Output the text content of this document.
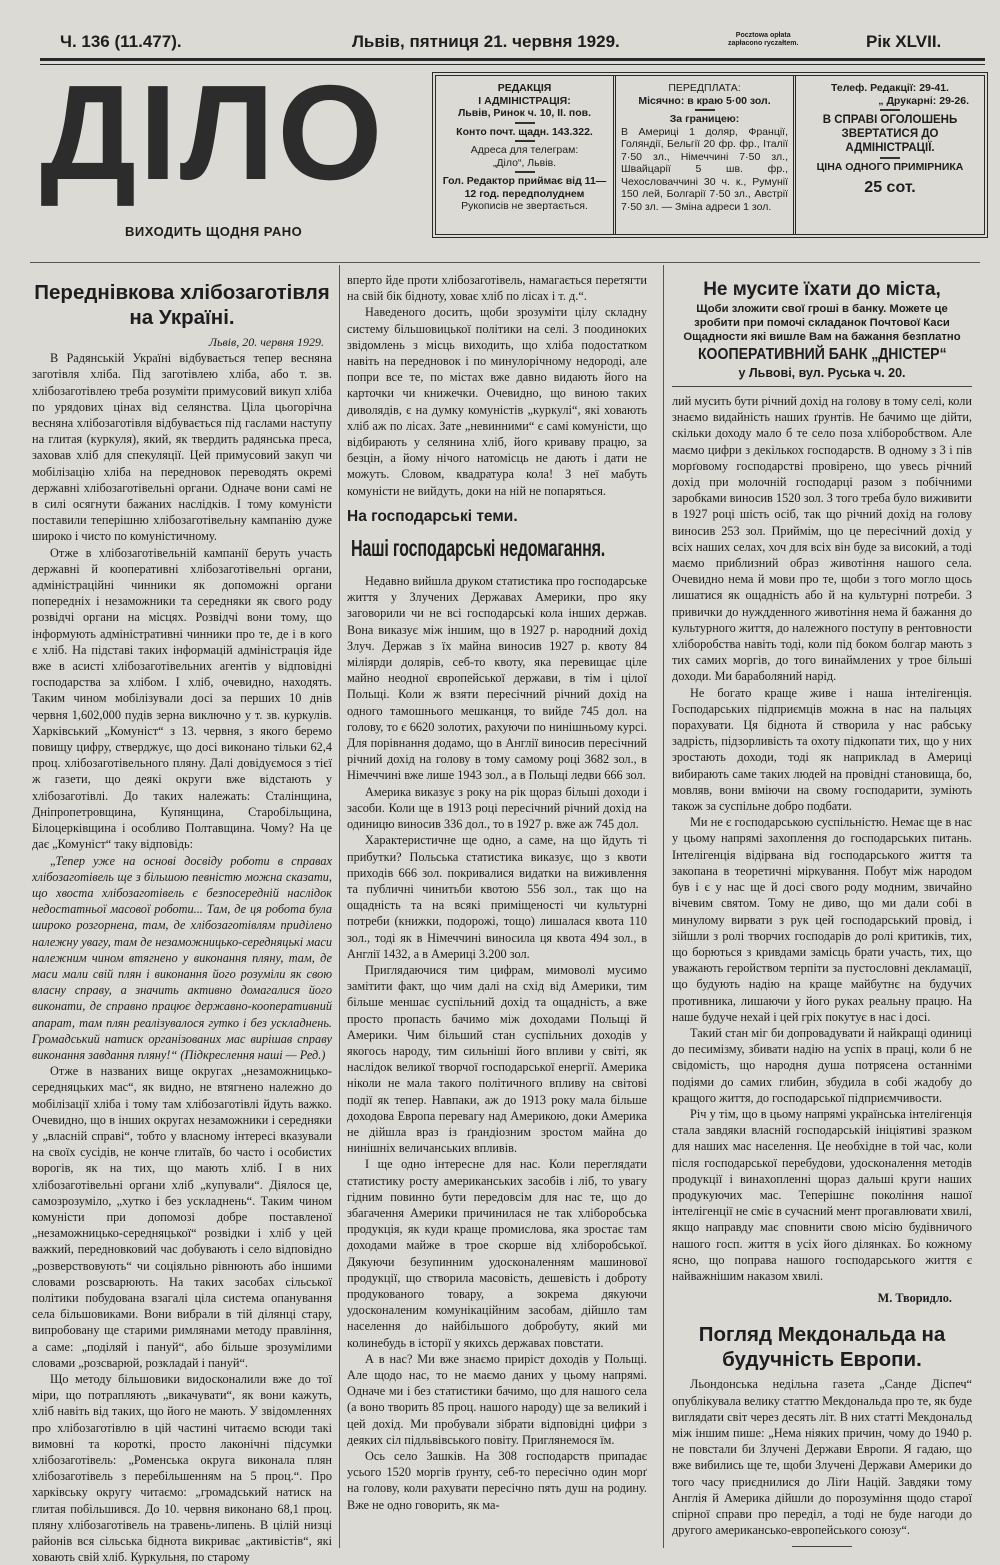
Ч. 136 (11.477).	Львів, пятниця 21. червня 1929.	Pocztowa opłata
zapłacono ryczałtem.	Рік XLVII.
ДІЛО
ВИХОДИТЬ ЩОДНЯ РАНО
РЕДАКЦІЯ
І АДМІНІСТРАЦІЯ:
Львів, Ринок ч. 10, II. пов.
Конто почт. щадн. 143.322.
Адреса для телеграм:
„Діло“, Львів.
Гол. Редактор приймає від 11—12 год. передполуднем
Рукописів не звертається.
ПЕРЕДПЛАТА:
Місячно: в краю 5·00 зол.
За границею:
В Америці 1 доляр, Франції, Голяндії, Бельгії 20 фр. фр., Італії 7·50 зл., Німеччині 7·50 зл., Швайцарії 5 шв. фр., Чехословаччині 30 ч. к., Румунії 150 лей, Болгарії 7·50 зл., Австрії 7·50 зл. — Зміна адреси 1 зол.
Телеф. Редакції: 29-41.
„ Друкарні: 29-26.
В СПРАВІ ОГОЛОШЕНЬ ЗВЕРТАТИСЯ ДО АДМІНІСТРАЦІЇ.
ЦІНА ОДНОГО ПРИМІРНИКА
25 сот.
Переднівкова хлібозаготівля на Україні.
Львів, 20. червня 1929.

В Радянській Україні відбувається тепер весняна заготівля хліба. Під заготівлею хліба, або т. зв. хлібозаготівлею треба розуміти примусовий викуп хліба по урядових цінах від селянства. Ціла цьогорічна весняна хлібозаготівля відбувається під гаслами наступу на глитая (куркуля), який, як твердить радянська преса, заховав хліб для спекуляції. Цей примусовий закуп чи мобілізацію хліба на передновок переводять окремі державні хлібозаготівельні органи. Одначе вони самі не в силі осягнути бажаних наслідків. І тому комуністи поставили теперішню хлібозаготівельну кампанію дуже широко і чисто по комуністичному.

Отже в хлібозаготівельній кампанії беруть участь державні й кооперативні хлібозаготівельні органи, адміністраційні чинники як допоможні органи попередніх і незаможники та середняки як свого роду розвідчі органи на місцях. Розвідчі вони тому, що інформують адміністративні чинники про те, де і в кого є хліб. На підставі таких інформацій адміністрація йде вже в асисті хлібозаготівельних агентів у відповідні господарства за хлібом. І хліб, очевидно, находять. Таким чином мобілізували досі за перших 10 днів червня 1,602,000 пудів зерна виключно у т. зв. куркулів. Харківський „Комуніст“ з 13. червня, з якого беремо повищу цифру, стверджує, що досі виконано тільки 62,4 проц. хлібозаготівельного пляну. Далі довідуємося з тієї ж газети, що деякі округи вже відстають у хлібозаготівлі. До таких належать: Сталінщина, Дніпропетровщина, Купянщина, Старобільщина, Білоцерківщина і особливо Полтавщина. Чому? На це дає „Комуніст“ таку відповідь:

„Тепер уже на основі досвіду роботи в справах хлібозаготівель ще з більшою певністю можна сказати, що хвоста хлібозаготівель є безпосередній наслідок недостатньої масової роботи... Там, де ця робота була широко розгорнена, там, де хлібозаготівлям приділено належну увагу, там де незаможницько-середняцькі маси належним чином втягнено у виконання пляну, там, де маси мали свій плян і виконання його розуміли як свою власну справу, а значить активно домагалися його виконати, де справно працює державно-кооперативний апарат, там плян реалізувалося гутко і без ускладнень. Громадський натиск організованих мас вирішав справу виконання завдання пляну!“ (Підкреслення наші — Ред.)

Отже в названих вище округах „незаможницько-середняцьких мас“, як видно, не втягнено належно до мобілізації хліба і тому там хлібозаготівлі йдуть важко. Очевидно, що в інших округах незаможники і середняки у „власній справі“, тобто у власному інтересі вказували на своїх сусідів, не конче глитаїв, бо часто і особистих ворогів, як на тих, що мають хліб. І в них хлібозаготівельні органи хліб „купували“. Діялося це, самозрозуміло, „хутко і без ускладнень“. Таким чином комуністи при допомозі добре поставленої „незаможницько-середняцької“ розвідки і хліб у цей важкий, передновковий час добувають і село відповідно „розверствовують“ чи соціяльно рівнюють або іншими словами розсварюють. На таких засобах сільської політики побудована взагалі ціла система опанування села більшовиками. Вони вибрали в тій ділянці стару, випробовану ще старими римлянами методу правління, а саме: „поділяй і пануй“, або більше зрозумілими словами „розсварюй, розкладай і пануй“.

Що методу більшовики видосконалили вже до тої міри, що потрапляють „викачувати“, як вони кажуть, хліб навіть від таких, що його не мають. У звідомленнях про хлібозаготівлю в цій частині читаємо всюди такі вимовні та короткі, просто лаконічні підсумки хлібозаготівель: „Роменська округа виконала плян хлібозаготівель з перебільшенням на 5 проц.“. Про харківську округу читаємо: „громадський натиск на глитая побільшився. До 10. червня виконано 68,1 проц. пляну хлібозаготівель на травень-липень. В цілій низці районів вся сільська біднота викриває „активістів“, які ховають свій хліб. Куркульня, по старому

вперто йде проти хлібозаготівель, намагається перетягти на свій бік бідноту, ховає хліб по лісах і т. д.“.

Наведеного досить, щоби зрозуміти цілу складну систему більшовицької політики на селі. З поодиноких звідомлень з місць виходить, що хліба подостатком навіть на передновок і по минулорічному недороді, але попри все те, по містах вже давно видають його на карточки чи книжечки. Очевидно, що виною таких диволядів, є на думку комуністів „куркулі“, які ховають хліб аж по лісах. Зате „невинними“ є самі комуністи, що відбирають у селянина хліб, його криваву працю, за безцін, а йому нічого натомісць не дають і дати не можуть. Словом, квадратура кола! З неї мабуть комуністи не вийдуть, доки на ній не попаряться.

На господарські теми.
Наші господарські недомагання.

Недавно вийшла друком статистика про господарське життя у Злучених Державах Америки, про яку заговорили чи не всі господарські кола інших держав. Вона виказує між іншим, що в 1927 р. народний дохід Злуч. Держав з їх майна виносив 1927 р. квоту 84 міліярди долярів, себ-то квоту, яка перевищає ціле майно неодної європейської держави, в тім і цілої Польщі. Коли ж взяти пересічний річний дохід на одного тамошнього мешканця, то вийде 745 дол. на голову, то є 6620 золотих, рахуючи по нинішньому курсі. Для порівнання додамо, що в Англії виносив пересічний річний дохід на голову в тому самому році 3682 зол., в Німеччині вже лише 1943 зол., а в Польщі ледви 666 зол.

Америка виказує з року на рік щораз більші доходи і засоби. Коли ще в 1913 році пересічний річний дохід на одиницю виносив 336 дол., то в 1927 р. вже аж 745 дол.

Характеристичне ще одно, а саме, на що йдуть ті прибутки? Польська статистика виказує, що з квоти приходів 666 зол. покривалися видатки на виживлення та публичні чинитьби квотою 556 зол., так що на ощадність та на всякі приміщеності чи культурні потреби (книжки, подорожі, тощо) лишалася квота 110 зол., тоді як в Німеччині виносила ця квота 494 зол., в Англії 1432, а в Америці 3.200 зол.

Приглядаючися тим цифрам, мимоволі мусимо замітити факт, що чим далі на схід від Америки, тим більше меншає суспільний дохід та ощадність, а вже просто пропасть бачимо між доходами Польщі й Америки. Чим більший стан суспільних доходів у якогось народу, тим сильніші його впливи у світі, як наслідок великої творчої господарської енергії. Америка ніколи не мала такого політичного впливу на світові події як тепер. Навпаки, аж до 1913 року мала більше доходова Европа перевагу над Америкою, доки Америка не дійшла враз із ґрандіозним зростом майна до нинішніх величанських впливів.

І ще одно інтересне для нас. Коли переглядати статистику росту американських засобів і ліб, то увагу гідним повинно бути передовсім для нас те, що до збагачення Америки причинилася не так хліборобська продукція, як куди краще промислова, яка зростає там доходами майже в трое скорше від хліборобської. Дякуючи безупинним удосконаленням машинової продукції, що створила масовість, дешевість і доброту продукованого товару, а зокрема дякуючи удосконаленим комунікаційним засобам, дійшло там населення до найбільшого добробуту, який ми колинебудь в історії у якихсь державах повстати.

А в нас? Ми вже знаємо приріст доходів у Польщі. Але щодо нас, то не маємо даних у цьому напрямі. Одначе ми і без статистики бачимо, що для нашого села (а воно творить 85 проц. нашого народу) ще за великий і цей дохід. Ми пробували зібрати відповідні цифри з деяких сіл підльвівського повіту. Приглянемося їм.

Ось село Зашків. На 308 господарств припадає усього 1520 моргів ґрунту, себ-то пересічно один морґ на голову, коли рахувати пересічно пять душ на родину. Вже не одно говорить, як ма-

Не мусите їхати до міста,
Щоби зложити свої гроші в банку. Можете це зробити при помочі складанок Почтової Каси Ощадности які вишле Вам на бажання безплатно
КООПЕРАТИВНИЙ БАНК „ДНІСТЕР“
у Львові, вул. Руська ч. 20.

лий мусить бути річний дохід на голову в тому селі, коли знаємо видайність наших ґрунтів. Не бачимо ще дійти, скільки доходу мало б те село поза хліборобством. Але маємо цифри з декількох господарств. В одному з 3 і пів морґовому господарстві провірено, що увесь річний дохід при молочній господарці разом з побічними заробками виносив 1520 зол. З того треба було виживити в 1927 році шість осіб, так що річний дохід на голову виносив 253 зол. Приймім, що це пересічний дохід у всіх наших селах, хоч для всіх він буде за високий, а тоді маємо приблизний образ животіння нашого села. Очевидно нема й мови про те, щоби з того могло щось лишатися як ощадність або й на культурні потреби. З привички до нуждденного животіння нема й бажання до культурного життя, до належного поступу в рентовности хліборобства навіть тоді, коли під боком болгар мають з тих самих моргів, до того винаймлених у трое більші доходи. Ми бараболяний нарід.

Не богато краще живе і наша інтелігенція. Господарських підприємців можна в нас на пальцях порахувати. Ця біднота й створила у нас рабську задрість, підзорливість та охоту підкопати тих, що у них зростають доходи, тоді як наприклад в Америці вибирають саме таких людей на провідні становища, бо, мовляв, вони вміючи на свому господарити, зуміють також за суспільне добро подбати.

Ми не є господарською суспільністю. Немає ще в нас у цьому напрямі захоплення до господарських питань. Інтелігенція відірвана від господарського життя та закопана в теоретичні міркування. Побут між народом був і є у нас ще й досі свого роду модним, звичайно вічевим святом. Тому не диво, що ми дали собі в минулому вирвати з рук цей господарський провід, і зійшли з ролі творчих господарів до ролі критиків, тих, що борються з кривдами замісць брати участь, тих, що уважають геройством терпіти за пустословні декламації, що будують надію на краще майбутнє на будучих противника, лишаючи у його руках реальну працю. На наше будуче нехай і цей гріх покутує в нас і досі.

Такий стан міг би допровадувати й найкращі одиниці до песимізму, збивати надію на успіх в праці, коли б не свідомість, що народня душа потрясена останніми подіями до самих глибин, збудила в собі жадобу до кращого життя, до господарської підприємчивости.

Річ у тім, що в цьому напрямі українська інтелігенція стала завдяки власній господарській ініціятиві зразком для наших мас населення. Це необхідне в той час, коли після господарської перебудови, удосконалення методів продукції і винахопленні щораз дальші круги наших продукуючих мас. Теперішнє покоління нашої інтелігенції не сміє в сучасний мент прогавлювати хвилі, якщо направду має сповнити свою місію будівничого нашого госп. життя в усіх його ділянках. Бо кожному ясно, що поправа нашого господарського життя є найважнішим наказом хвилі.

М. Творидло.
Погляд Мекдональда на будучність Европи.

Льондонська недільна газета „Санде Діспеч“ опублікувала велику статтю Мекдональда про те, як буде виглядати світ через десять літ. В них статті Мекдональд між іншим пише: „Нема ніяких причин, чому до 1940 р. не повстали би Злучені Держави Европи. Я гадаю, що вже вибились ще те, щоби Злучені Держави Америки до того часу приєднилися до Ліґи Націй. Завдяки тому Англія й Америка дійшли до порозуміння щодо старої спірної справи про переділ, а тоді не буде нагоди до другого американсько-европейського союзу“.
